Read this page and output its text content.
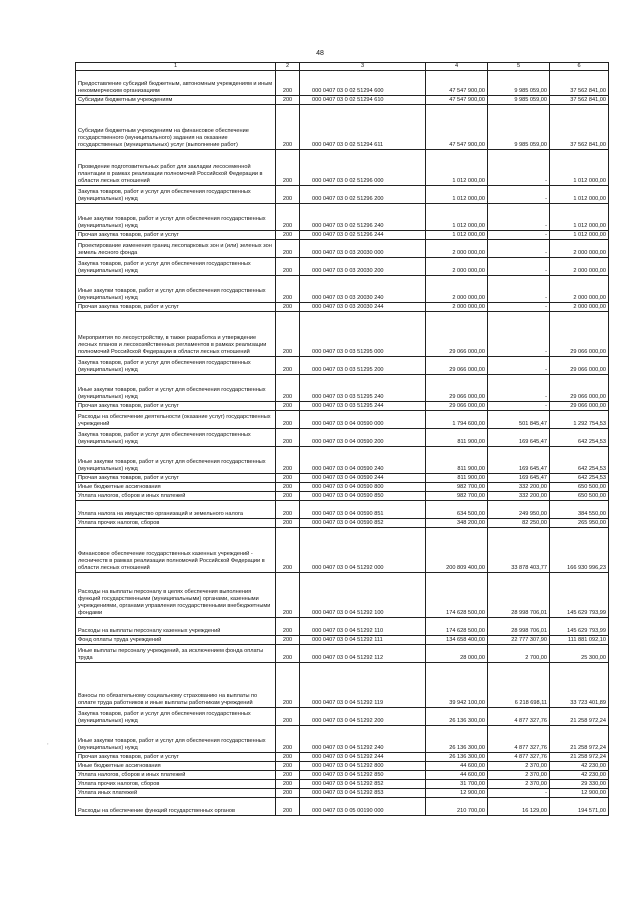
48
1	2	3	4	5	6
Предоставление субсидий бюджетным, автономным учреждениям и иным некоммерческим организациям	200	000 0407 03 0 02 51294 600	47 547 900,00	9 985 059,00	37 562 841,00
Субсидии бюджетным учреждениям	200	000 0407 03 0 02 51294 610	47 547 900,00	9 985 059,00	37 562 841,00
Субсидии бюджетным учреждениям на финансовое обеспечение государственного (муниципального) задания на оказание государственных (муниципальных) услуг (выполнение работ)	200	000 0407 03 0 02 51294 611	47 547 900,00	9 985 059,00	37 562 841,00
Проведение подготовительных работ для закладки лесосеменной плантации в рамках реализации полномочий Российской Федерации в области лесных отношений	200	000 0407 03 0 02 51296 000	1 012 000,00	-	1 012 000,00
Закупка товаров, работ и услуг для обеспечения государственных (муниципальных) нужд	200	000 0407 03 0 02 51296 200	1 012 000,00	-	1 012 000,00
Иные закупки товаров, работ и услуг для обеспечения государственных (муниципальных) нужд	200	000 0407 03 0 02 51296 240	1 012 000,00	-	1 012 000,00
Прочая закупка товаров, работ и услуг	200	000 0407 03 0 02 51296 244	1 012 000,00	-	1 012 000,00
Проектирование изменения границ лесопарковых зон и (или) зеленых зон земель лесного фонда	200	000 0407 03 0 03 20030 000	2 000 000,00	-	2 000 000,00
Закупка товаров, работ и услуг для обеспечения государственных (муниципальных) нужд	200	000 0407 03 0 03 20030 200	2 000 000,00	-	2 000 000,00
Иные закупки товаров, работ и услуг для обеспечения государственных (муниципальных) нужд	200	000 0407 03 0 03 20030 240	2 000 000,00	-	2 000 000,00
Прочая закупка товаров, работ и услуг	200	000 0407 03 0 03 20030 244	2 000 000,00	-	2 000 000,00
Мероприятия по лесоустройству, в также разработка и утверждение лесных планов и лесохозяйственных регламентов в рамках реализации полномочий Российской Федерации в области лесных отношений	200	000 0407 03 0 03 51295 000	29 066 000,00	-	29 066 000,00
Закупка товаров, работ и услуг для обеспечения государственных (муниципальных) нужд	200	000 0407 03 0 03 51295 200	29 066 000,00	-	29 066 000,00
Иные закупки товаров, работ и услуг для обеспечения государственных (муниципальных) нужд	200	000 0407 03 0 03 51295 240	29 066 000,00	-	29 066 000,00
Прочая закупка товаров, работ и услуг	200	000 0407 03 0 03 51295 244	29 066 000,00	-	29 066 000,00
Расходы на обеспечение деятельности (оказание услуг) государственных учреждений	200	000 0407 03 0 04 00590 000	1 794 600,00	501 845,47	1 292 754,53
Закупка товаров, работ и услуг для обеспечения государственных (муниципальных) нужд	200	000 0407 03 0 04 00590 200	811 900,00	169 645,47	642 254,53
Иные закупки товаров, работ и услуг для обеспечения государственных (муниципальных) нужд	200	000 0407 03 0 04 00590 240	811 900,00	169 645,47	642 254,53
Прочая закупка товаров, работ и услуг	200	000 0407 03 0 04 00590 244	811 900,00	169 645,47	642 254,53
Иные бюджетные ассигнования	200	000 0407 03 0 04 00590 800	982 700,00	332 200,00	650 500,00
Уплата налогов, сборов и иных платежей	200	000 0407 03 0 04 00590 850	982 700,00	332 200,00	650 500,00
Уплата налога на имущество организаций и земельного налога	200	000 0407 03 0 04 00590 851	634 500,00	249 950,00	384 550,00
Уплата прочих налогов, сборов	200	000 0407 03 0 04 00590 852	348 200,00	82 250,00	265 950,00
Финансовое обеспечение государственных казенных учреждений - лесничеств в рамках реализации полномочий Российской Федерации в области лесных отношений	200	000 0407 03 0 04 51292 000	200 809 400,00	33 878 403,77	166 930 996,23
Расходы на выплаты персоналу в целях обеспечения выполнения функций государственными (муниципальными) органами, казенными учреждениями, органами управления государственными внебюджетными фондами	200	000 0407 03 0 04 51292 100	174 628 500,00	28 998 706,01	145 629 793,99
Расходы на выплаты персоналу казенных учреждений	200	000 0407 03 0 04 51292 110	174 628 500,00	28 998 706,01	145 629 793,99
Фонд оплаты труда учреждений	200	000 0407 03 0 04 51292 111	134 658 400,00	22 777 307,90	111 881 092,10
Иные выплаты персоналу учреждений, за исключением фонда оплаты труда	200	000 0407 03 0 04 51292 112	28 000,00	2 700,00	25 300,00
Взносы по обязательному социальному страхованию на выплаты по оплате труда работников и иные выплаты работникам учреждений	200	000 0407 03 0 04 51292 119	39 942 100,00	6 218 698,11	33 723 401,89
Закупка товаров, работ и услуг для обеспечения государственных (муниципальных) нужд	200	000 0407 03 0 04 51292 200	26 136 300,00	4 877 327,76	21 258 972,24
Иные закупки товаров, работ и услуг для обеспечения государственных (муниципальных) нужд	200	000 0407 03 0 04 51292 240	26 136 300,00	4 877 327,76	21 258 972,24
Прочая закупка товаров, работ и услуг	200	000 0407 03 0 04 51292 244	26 136 300,00	4 877 327,76	21 258 972,24
Иные бюджетные ассигнования	200	000 0407 03 0 04 51292 800	44 600,00	2 370,00	42 230,00
Уплата налогов, сборов и иных платежей	200	000 0407 03 0 04 51292 850	44 600,00	2 370,00	42 230,00
Уплата прочих налогов, сборов	200	000 0407 03 0 04 51292 852	31 700,00	2 370,00	29 330,00
Уплата иных платежей	200	000 0407 03 0 04 51292 853	12 900,00	-	12 900,00
Расходы на обеспечение функций государственных органов	200	000 0407 03 0 05 00190 000	210 700,00	16 129,00	194 571,00
,
